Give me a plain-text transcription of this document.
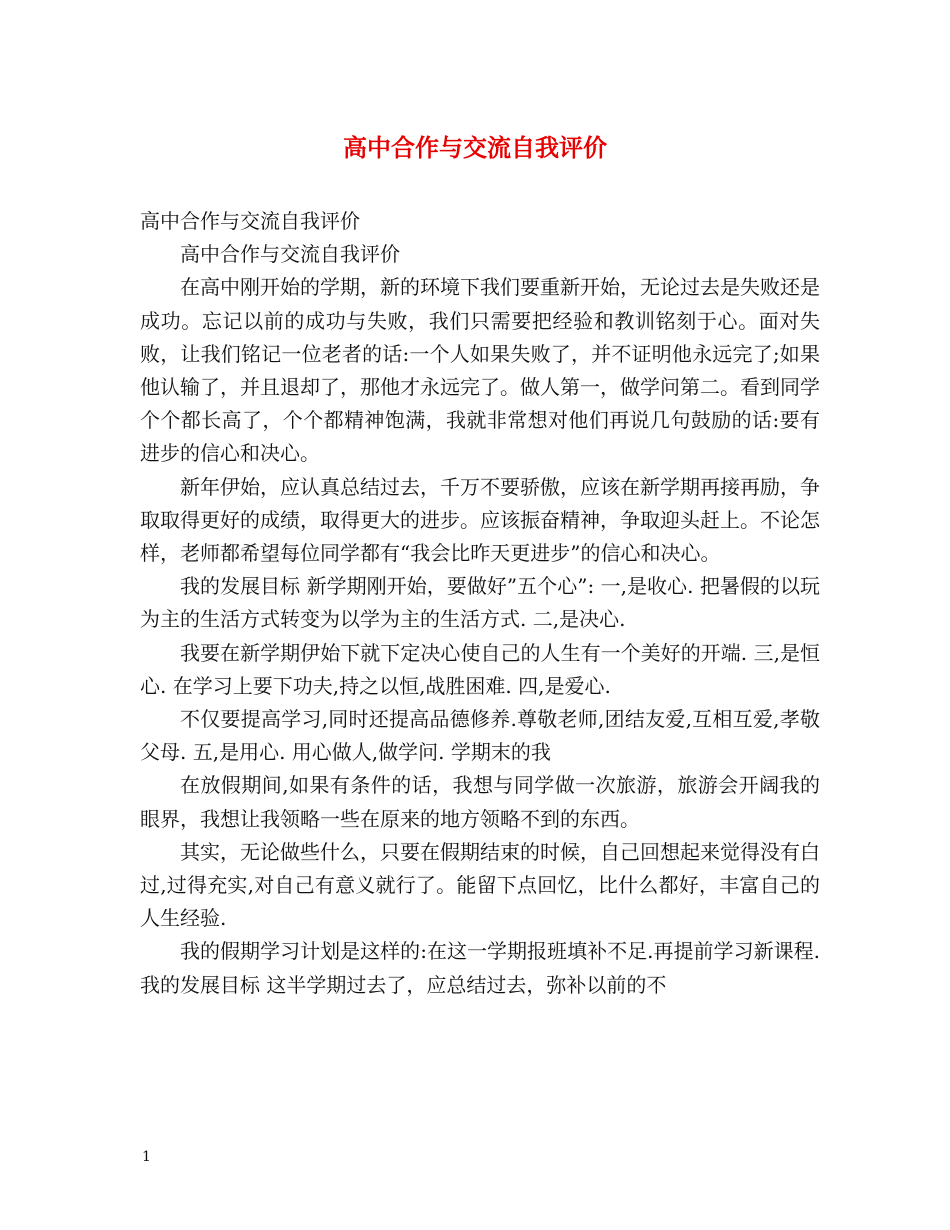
高中合作与交流自我评价

高中合作与交流自我评价

高中合作与交流自我评价

在高中刚开始的学期，新的环境下我们要重新开始，无论过去是失败还是成功。忘记以前的成功与失败，我们只需要把经验和教训铭刻于心。面对失败，让我们铭记一位老者的话:一个人如果失败了，并不证明他永远完了;如果他认输了，并且退却了，那他才永远完了。做人第一，做学问第二。看到同学个个都长高了，个个都精神饱满，我就非常想对他们再说几句鼓励的话:要有进步的信心和决心。

新年伊始，应认真总结过去，千万不要骄傲，应该在新学期再接再励，争取取得更好的成绩，取得更大的进步。应该振奋精神，争取迎头赶上。不论怎样，老师都希望每位同学都有“我会比昨天更进步”的信心和决心。

我的发展目标 新学期刚开始，要做好”五个心”: 一,是收心. 把暑假的以玩为主的生活方式转变为以学为主的生活方式. 二,是决心.

我要在新学期伊始下就下定决心使自己的人生有一个美好的开端. 三,是恒心. 在学习上要下功夫,持之以恒,战胜困难. 四,是爱心.

不仅要提高学习,同时还提高品德修养.尊敬老师,团结友爱,互相互爱,孝敬父母. 五,是用心. 用心做人,做学问. 学期末的我

在放假期间,如果有条件的话，我想与同学做一次旅游，旅游会开阔我的眼界，我想让我领略一些在原来的地方领略不到的东西。

其实，无论做些什么，只要在假期结束的时候，自己回想起来觉得没有白过,过得充实,对自己有意义就行了。能留下点回忆，比什么都好，丰富自己的人生经验.

我的假期学习计划是这样的:在这一学期报班填补不足.再提前学习新课程. 我的发展目标 这半学期过去了，应总结过去，弥补以前的不

1
